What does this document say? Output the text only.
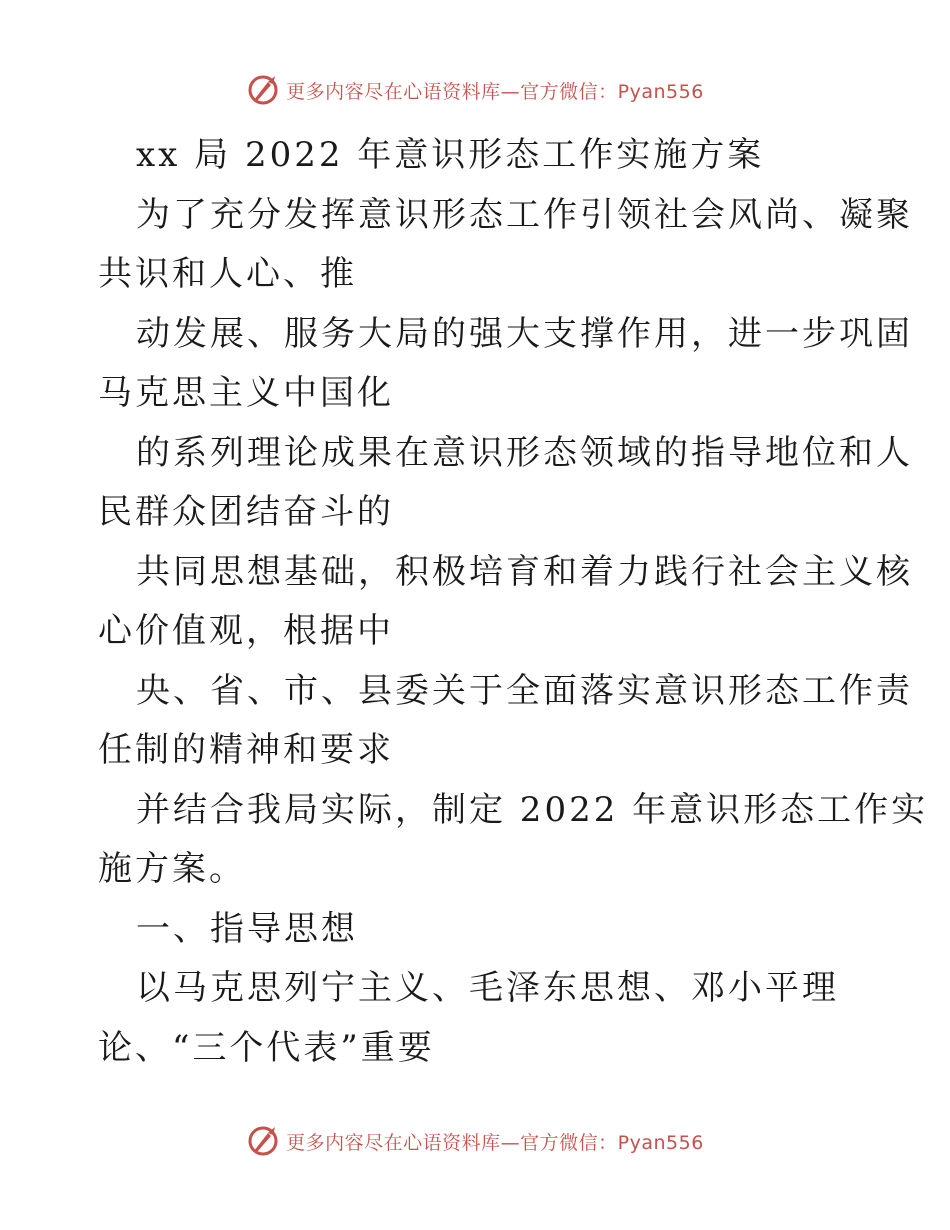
更多内容尽在心语资料库—官方微信：Pyan556
xx 局 2022 年意识形态工作实施方案
为了充分发挥意识形态工作引领社会风尚、凝聚
共识和人心、推
动发展、服务大局的强大支撑作用，进一步巩固
马克思主义中国化
的系列理论成果在意识形态领域的指导地位和人
民群众团结奋斗的
共同思想基础，积极培育和着力践行社会主义核
心价值观，根据中
央、省、市、县委关于全面落实意识形态工作责
任制的精神和要求
并结合我局实际，制定 2022 年意识形态工作实
施方案。
一、指导思想
以马克思列宁主义、毛泽东思想、邓小平理
论、“三个代表”重要
更多内容尽在心语资料库—官方微信：Pyan556
